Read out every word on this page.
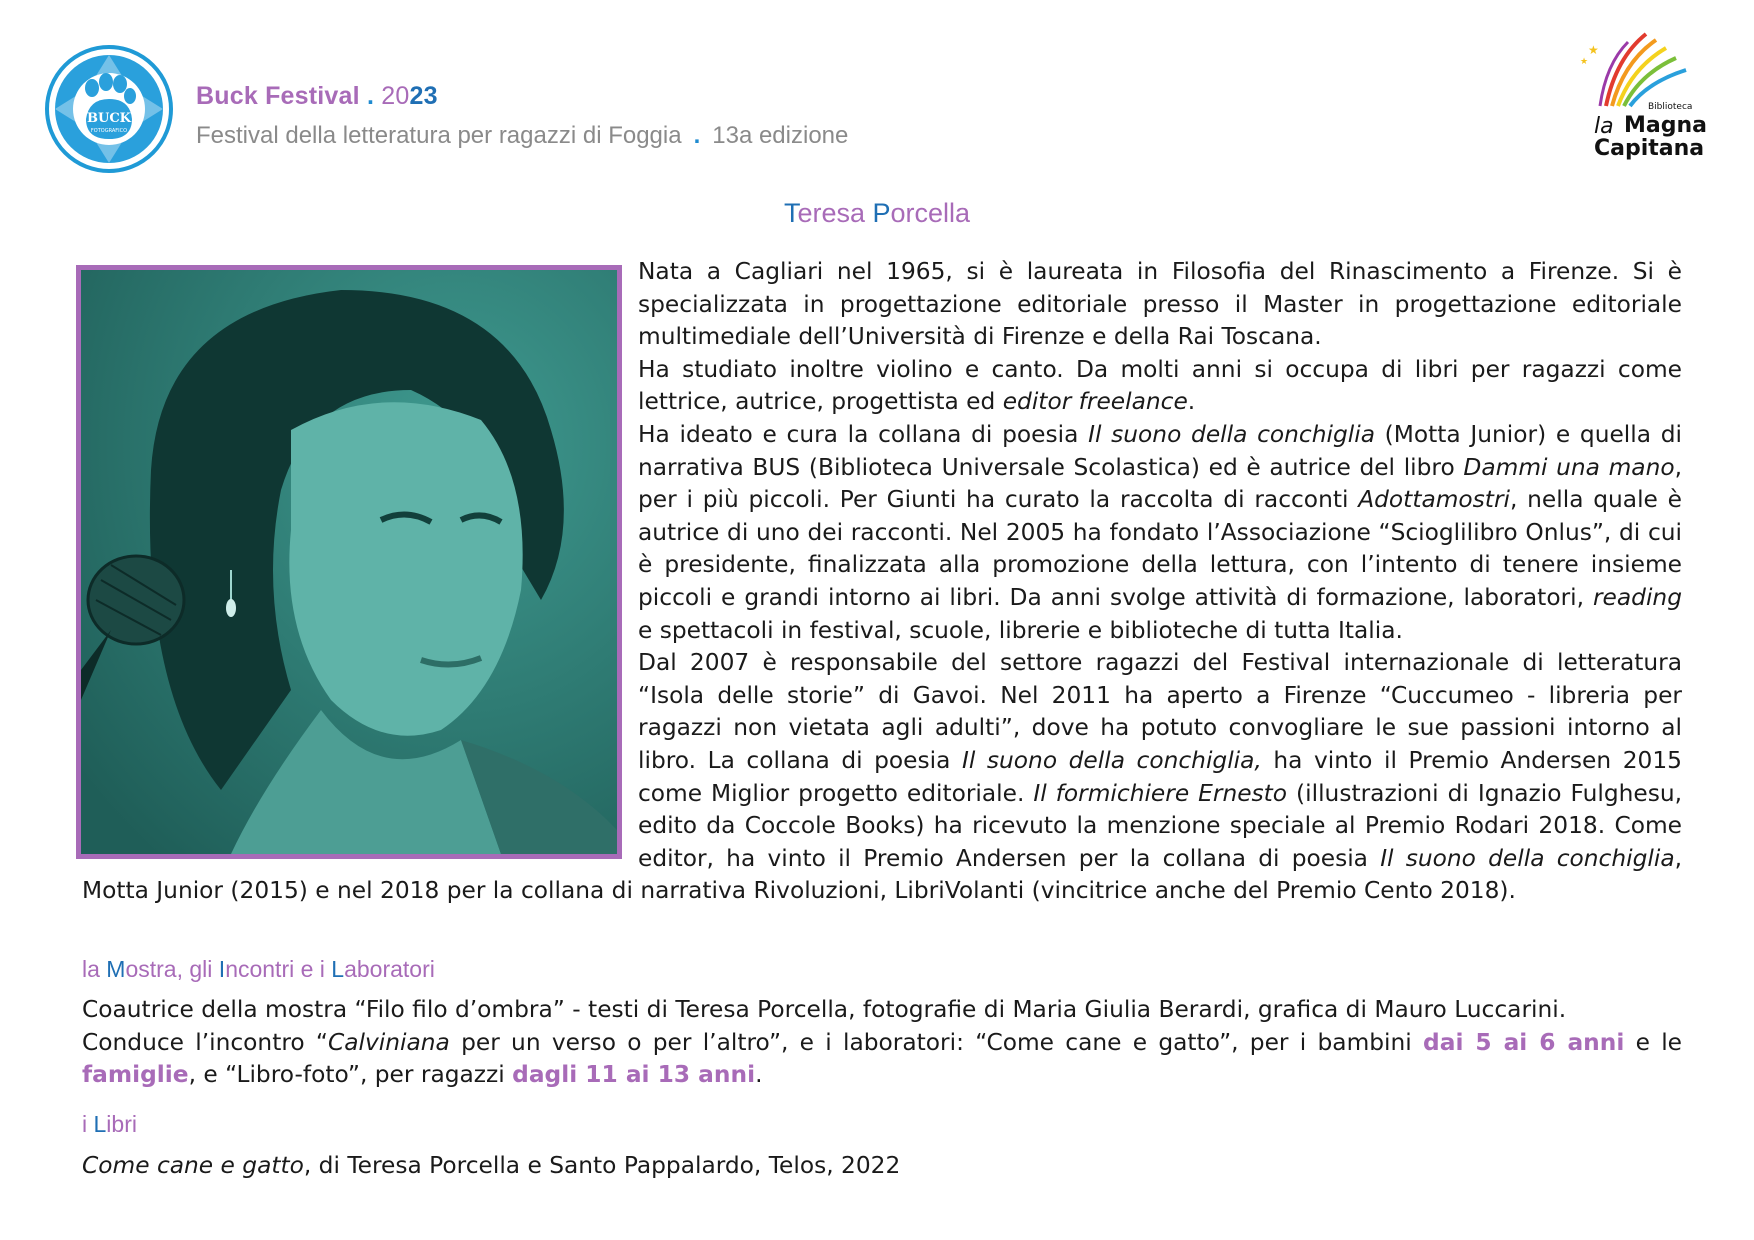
BUCK
FOTOGRAFICO
Buck Festival . 2023
Festival della letteratura per ragazzi di Foggia . 13a edizione
★
★
Biblioteca
la Magna
Capitana
Teresa Porcella

Nata a Cagliari nel 1965, si è laureata in Filosofia del Rinascimento a Firenze. Si è specializzata in progettazione editoriale presso il Master in progettazione editoriale multimediale dell’Università di Firenze e della Rai Toscana.

Ha studiato inoltre violino e canto. Da molti anni si occupa di libri per ragazzi come lettrice, autrice, progettista ed editor freelance.

Ha ideato e cura la collana di poesia Il suono della conchiglia (Motta Junior) e quella di narrativa BUS (Biblioteca Universale Scolastica) ed è autrice del libro Dammi una mano, per i più piccoli. Per Giunti ha curato la raccolta di racconti Adottamostri, nella quale è autrice di uno dei racconti. Nel 2005 ha fondato l’Associazione “Scioglilibro Onlus”, di cui è presidente, finalizzata alla promozione della lettura, con l’intento di tenere insieme piccoli e grandi intorno ai libri. Da anni svolge attività di formazione, laboratori, reading e spettacoli in festival, scuole, librerie e biblioteche di tutta Italia.

Dal 2007 è responsabile del settore ragazzi del Festival internazionale di letteratura “Isola delle storie” di Gavoi. Nel 2011 ha aperto a Firenze “Cuccumeo - libreria per ragazzi non vietata agli adulti”, dove ha potuto convogliare le sue passioni intorno al libro. La collana di poesia Il suono della conchiglia, ha vinto il Premio Andersen 2015 come Miglior progetto editoriale. Il formichiere Ernesto (illustrazioni di Ignazio Fulghesu, edito da Coccole Books) ha ricevuto la menzione speciale al Premio Rodari 2018. Come editor, ha vinto il Premio Andersen per la collana di poesia Il suono della conchiglia, Motta Junior (2015) e nel 2018 per la collana di narrativa Rivoluzioni, LibriVolanti (vincitrice anche del Premio Cento 2018).

la Mostra, gli Incontri e i Laboratori
Coautrice della mostra “Filo filo d’ombra” - testi di Teresa Porcella, fotografie di Maria Giulia Berardi, grafica di Mauro Luccarini.
Conduce l’incontro “Calviniana per un verso o per l’altro”, e i laboratori: “Come cane e gatto”, per i bambini dai 5 ai 6 anni e le famiglie, e “Libro-foto”, per ragazzi dagli 11 ai 13 anni.
i Libri
Come cane e gatto, di Teresa Porcella e Santo Pappalardo, Telos, 2022
